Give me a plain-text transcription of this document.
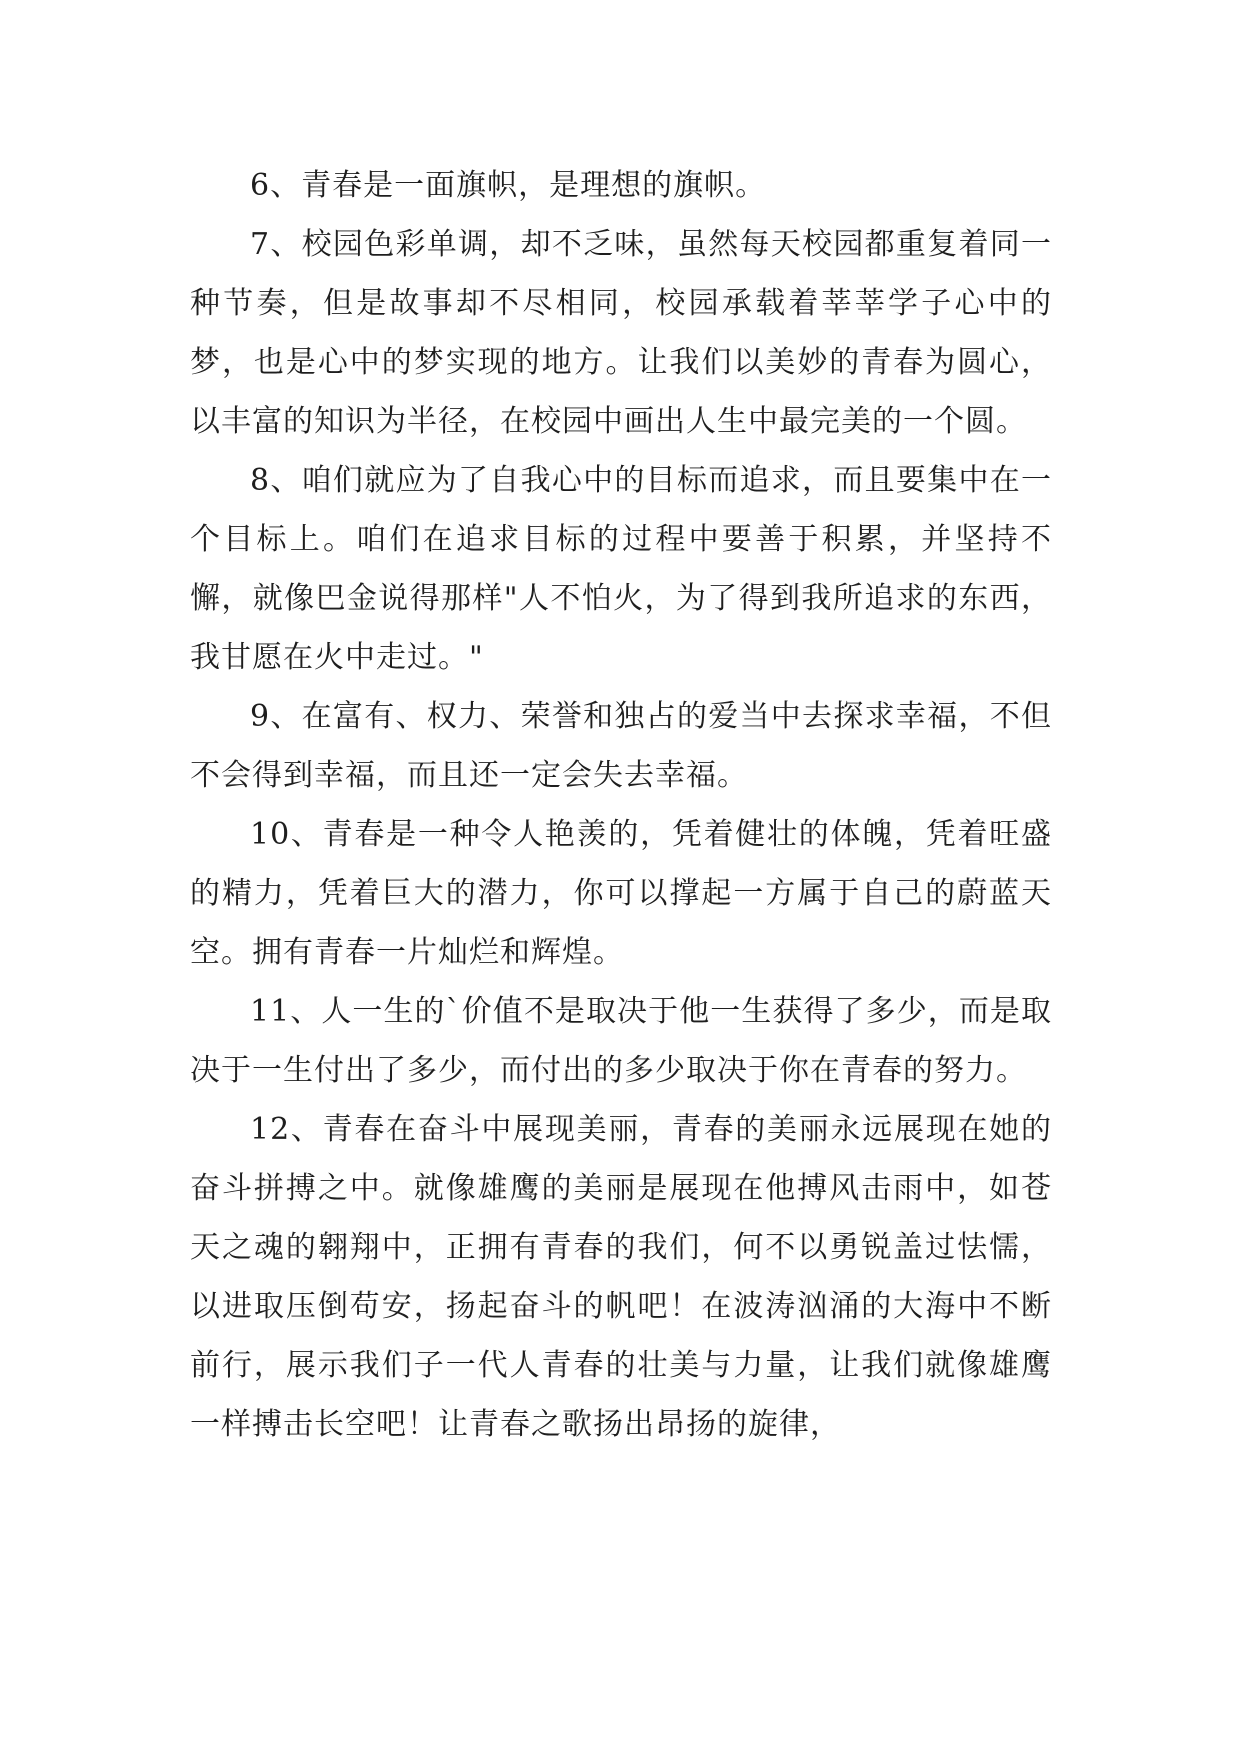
6、青春是一面旗帜，是理想的旗帜。

7、校园色彩单调，却不乏味，虽然每天校园都重复着同一种节奏，但是故事却不尽相同，校园承载着莘莘学子心中的梦，也是心中的梦实现的地方。让我们以美妙的青春为圆心，以丰富的知识为半径，在校园中画出人生中最完美的一个圆。

8、咱们就应为了自我心中的目标而追求，而且要集中在一个目标上。咱们在追求目标的过程中要善于积累，并坚持不懈，就像巴金说得那样"人不怕火，为了得到我所追求的东西，我甘愿在火中走过。"

9、在富有、权力、荣誉和独占的爱当中去探求幸福，不但不会得到幸福，而且还一定会失去幸福。

10、青春是一种令人艳羡的，凭着健壮的体魄，凭着旺盛的精力，凭着巨大的潜力，你可以撑起一方属于自己的蔚蓝天空。拥有青春一片灿烂和辉煌。

11、人一生的`价值不是取决于他一生获得了多少，而是取决于一生付出了多少，而付出的多少取决于你在青春的努力。

12、青春在奋斗中展现美丽，青春的美丽永远展现在她的奋斗拼搏之中。就像雄鹰的美丽是展现在他搏风击雨中，如苍天之魂的翱翔中，正拥有青春的我们，何不以勇锐盖过怯懦，以进取压倒苟安，扬起奋斗的帆吧！在波涛汹涌的大海中不断前行，展示我们子一代人青春的壮美与力量，让我们就像雄鹰一样搏击长空吧！让青春之歌扬出昂扬的旋律，
